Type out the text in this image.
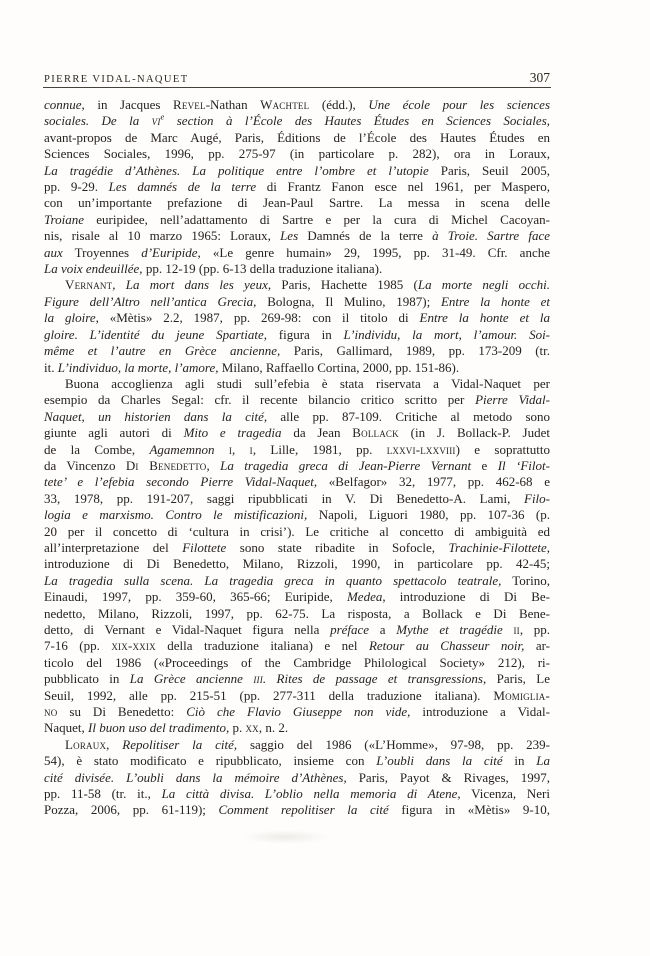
PIERRE VIDAL-NAQUET	307
connue, in Jacques Revel-Nathan Wachtel (édd.), Une école pour les sciences
sociales. De la $vi^e$ section à l’École des Hautes Études en Sciences Sociales,
avant-propos de Marc Augé, Paris, Éditions de l’École des Hautes Études en
Sciences Sociales, 1996, pp. 275-97 (in particolare p. 282), ora in Loraux,
La tragédie d’Athènes. La politique entre l’ombre et l’utopie Paris, Seuil 2005,
pp. 9-29. Les damnés de la terre di Frantz Fanon esce nel 1961, per Maspero,
con un’importante prefazione di Jean-Paul Sartre. La messa in scena delle
Troiane euripidee, nell’adattamento di Sartre e per la cura di Michel Cacoyan-
nis, risale al 10 marzo 1965: Loraux, Les Damnés de la terre à Troie. Sartre face
aux Troyennes d’Euripide, «Le genre humain» 29, 1995, pp. 31-49. Cfr. anche
La voix endeuillée, pp. 12-19 (pp. 6-13 della traduzione italiana).
Vernant, La mort dans les yeux, Paris, Hachette 1985 (La morte negli occhi.
Figure dell’Altro nell’antica Grecia, Bologna, Il Mulino, 1987); Entre la honte et
la gloire, «Mètis» 2.2, 1987, pp. 269-98: con il titolo di Entre la honte et la
gloire. L’identité du jeune Spartiate, figura in L’individu, la mort, l’amour. Soi-
même et l’autre en Grèce ancienne, Paris, Gallimard, 1989, pp. 173-209 (tr.
it. L’individuo, la morte, l’amore, Milano, Raffaello Cortina, 2000, pp. 151-86).
Buona accoglienza agli studi sull’efebia è stata riservata a Vidal-Naquet per
esempio da Charles Segal: cfr. il recente bilancio critico scritto per Pierre Vidal-
Naquet, un historien dans la cité, alle pp. 87-109. Critiche al metodo sono
giunte agli autori di Mito e tragedia da Jean Bollack (in J. Bollack-P. Judet
de la Combe, Agamemnon i, i, Lille, 1981, pp. lxxvi-lxxviii) e soprattutto
da Vincenzo Di Benedetto, La tragedia greca di Jean-Pierre Vernant e Il ‘Filot-
tete’ e l’efebia secondo Pierre Vidal-Naquet, «Belfagor» 32, 1977, pp. 462-68 e
33, 1978, pp. 191-207, saggi ripubblicati in V. Di Benedetto-A. Lami, Filo-
logia e marxismo. Contro le mistificazioni, Napoli, Liguori 1980, pp. 107-36 (p.
20 per il concetto di ‘cultura in crisi’). Le critiche al concetto di ambiguità ed
all’interpretazione del Filottete sono state ribadite in Sofocle, Trachinie-Filottete,
introduzione di Di Benedetto, Milano, Rizzoli, 1990, in particolare pp. 42-45;
La tragedia sulla scena. La tragedia greca in quanto spettacolo teatrale, Torino,
Einaudi, 1997, pp. 359-60, 365-66; Euripide, Medea, introduzione di Di Be-
nedetto, Milano, Rizzoli, 1997, pp. 62-75. La risposta, a Bollack e Di Bene-
detto, di Vernant e Vidal-Naquet figura nella préface a Mythe et tragédie ii, pp.
7-16 (pp. xix-xxix della traduzione italiana) e nel Retour au Chasseur noir, ar-
ticolo del 1986 («Proceedings of the Cambridge Philological Society» 212), ri-
pubblicato in La Grèce ancienne iii. Rites de passage et transgressions, Paris, Le
Seuil, 1992, alle pp. 215-51 (pp. 277-311 della traduzione italiana). Momiglia-
no su Di Benedetto: Ciò che Flavio Giuseppe non vide, introduzione a Vidal-
Naquet, Il buon uso del tradimento, p. xx, n. 2.
Loraux, Repolitiser la cité, saggio del 1986 («L’Homme», 97-98, pp. 239-
54), è stato modificato e ripubblicato, insieme con L’oubli dans la cité in La
cité divisée. L’oubli dans la mémoire d’Athènes, Paris, Payot & Rivages, 1997,
pp. 11-58 (tr. it., La città divisa. L’oblio nella memoria di Atene, Vicenza, Neri
Pozza, 2006, pp. 61-119); Comment repolitiser la cité figura in «Mètis» 9-10,
